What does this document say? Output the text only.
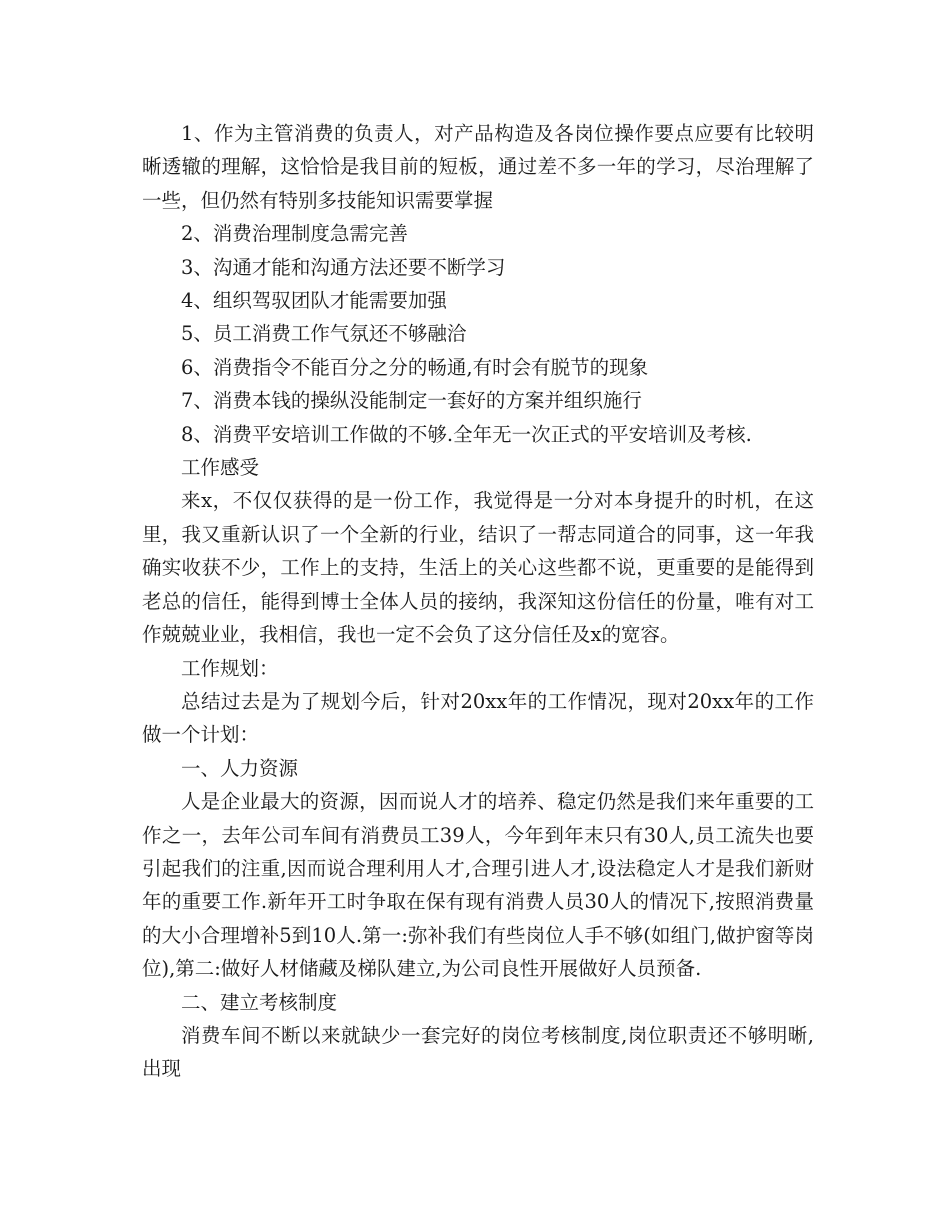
1、作为主管消费的负责人，对产品构造及各岗位操作要点应要有比较明晰透辙的理解，这恰恰是我目前的短板，通过差不多一年的学习，尽治理解了一些，但仍然有特别多技能知识需要掌握

2、消费治理制度急需完善

3、沟通才能和沟通方法还要不断学习

4、组织驾驭团队才能需要加强

5、员工消费工作气氛还不够融洽

6、消费指令不能百分之分的畅通,有时会有脱节的现象

7、消费本钱的操纵没能制定一套好的方案并组织施行

8、消费平安培训工作做的不够.全年无一次正式的平安培训及考核.

工作感受

来x，不仅仅获得的是一份工作，我觉得是一分对本身提升的时机，在这里，我又重新认识了一个全新的行业，结识了一帮志同道合的同事，这一年我确实收获不少，工作上的支持，生活上的关心这些都不说，更重要的是能得到老总的信任，能得到博士全体人员的接纳，我深知这份信任的份量，唯有对工作兢兢业业，我相信，我也一定不会负了这分信任及x的宽容。

工作规划：

总结过去是为了规划今后，针对20xx年的工作情况，现对20xx年的工作做一个计划：

一、人力资源

人是企业最大的资源，因而说人才的培养、稳定仍然是我们来年重要的工作之一，去年公司车间有消费员工39人，今年到年末只有30人,员工流失也要引起我们的注重,因而说合理利用人才,合理引进人才,设法稳定人才是我们新财年的重要工作.新年开工时争取在保有现有消费人员30人的情况下,按照消费量的大小合理增补5到10人.第一:弥补我们有些岗位人手不够(如组门,做护窗等岗位),第二:做好人材储藏及梯队建立,为公司良性开展做好人员预备.

二、建立考核制度

消费车间不断以来就缺少一套完好的岗位考核制度,岗位职责还不够明晰,出现
